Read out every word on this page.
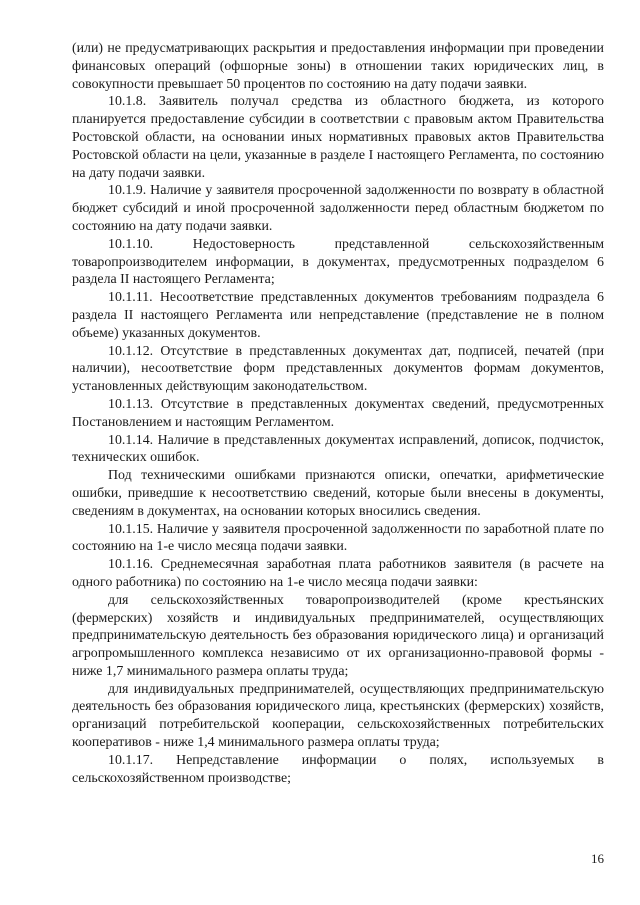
(или) не предусматривающих раскрытия и предоставления информации при проведении финансовых операций (офшорные зоны) в отношении таких юридических лиц, в совокупности превышает 50 процентов по состоянию на дату подачи заявки.

10.1.8. Заявитель получал средства из областного бюджета, из которого планируется предоставление субсидии в соответствии с правовым актом Правительства Ростовской области, на основании иных нормативных правовых актов Правительства Ростовской области на цели, указанные в разделе I настоящего Регламента, по состоянию на дату подачи заявки.

10.1.9. Наличие у заявителя просроченной задолженности по возврату в областной бюджет субсидий и иной просроченной задолженности перед областным бюджетом по состоянию на дату подачи заявки.

10.1.10. Недостоверность представленной сельскохозяйственным товаропроизводителем информации, в документах, предусмотренных подразделом 6 раздела II настоящего Регламента;

10.1.11. Несоответствие представленных документов требованиям подраздела 6 раздела II настоящего Регламента или непредставление (представление не в полном объеме) указанных документов.

10.1.12. Отсутствие в представленных документах дат, подписей, печатей (при наличии), несоответствие форм представленных документов формам документов, установленных действующим законодательством.

10.1.13. Отсутствие в представленных документах сведений, предусмотренных Постановлением и настоящим Регламентом.

10.1.14. Наличие в представленных документах исправлений, дописок, подчисток, технических ошибок.

Под техническими ошибками признаются описки, опечатки, арифметические ошибки, приведшие к несоответствию сведений, которые были внесены в документы, сведениям в документах, на основании которых вносились сведения.

10.1.15. Наличие у заявителя просроченной задолженности по заработной плате по состоянию на 1-е число месяца подачи заявки.

10.1.16. Среднемесячная заработная плата работников заявителя (в расчете на одного работника) по состоянию на 1-е число месяца подачи заявки:

для сельскохозяйственных товаропроизводителей (кроме крестьянских (фермерских) хозяйств и индивидуальных предпринимателей, осуществляющих предпринимательскую деятельность без образования юридического лица) и организаций агропромышленного комплекса независимо от их организационно-правовой формы - ниже 1,7 минимального размера оплаты труда;

для индивидуальных предпринимателей, осуществляющих предпринимательскую деятельность без образования юридического лица, крестьянских (фермерских) хозяйств, организаций потребительской кооперации, сельскохозяйственных потребительских кооперативов - ниже 1,4 минимального размера оплаты труда;

10.1.17. Непредставление информации о полях, используемых в сельскохозяйственном производстве;

16
